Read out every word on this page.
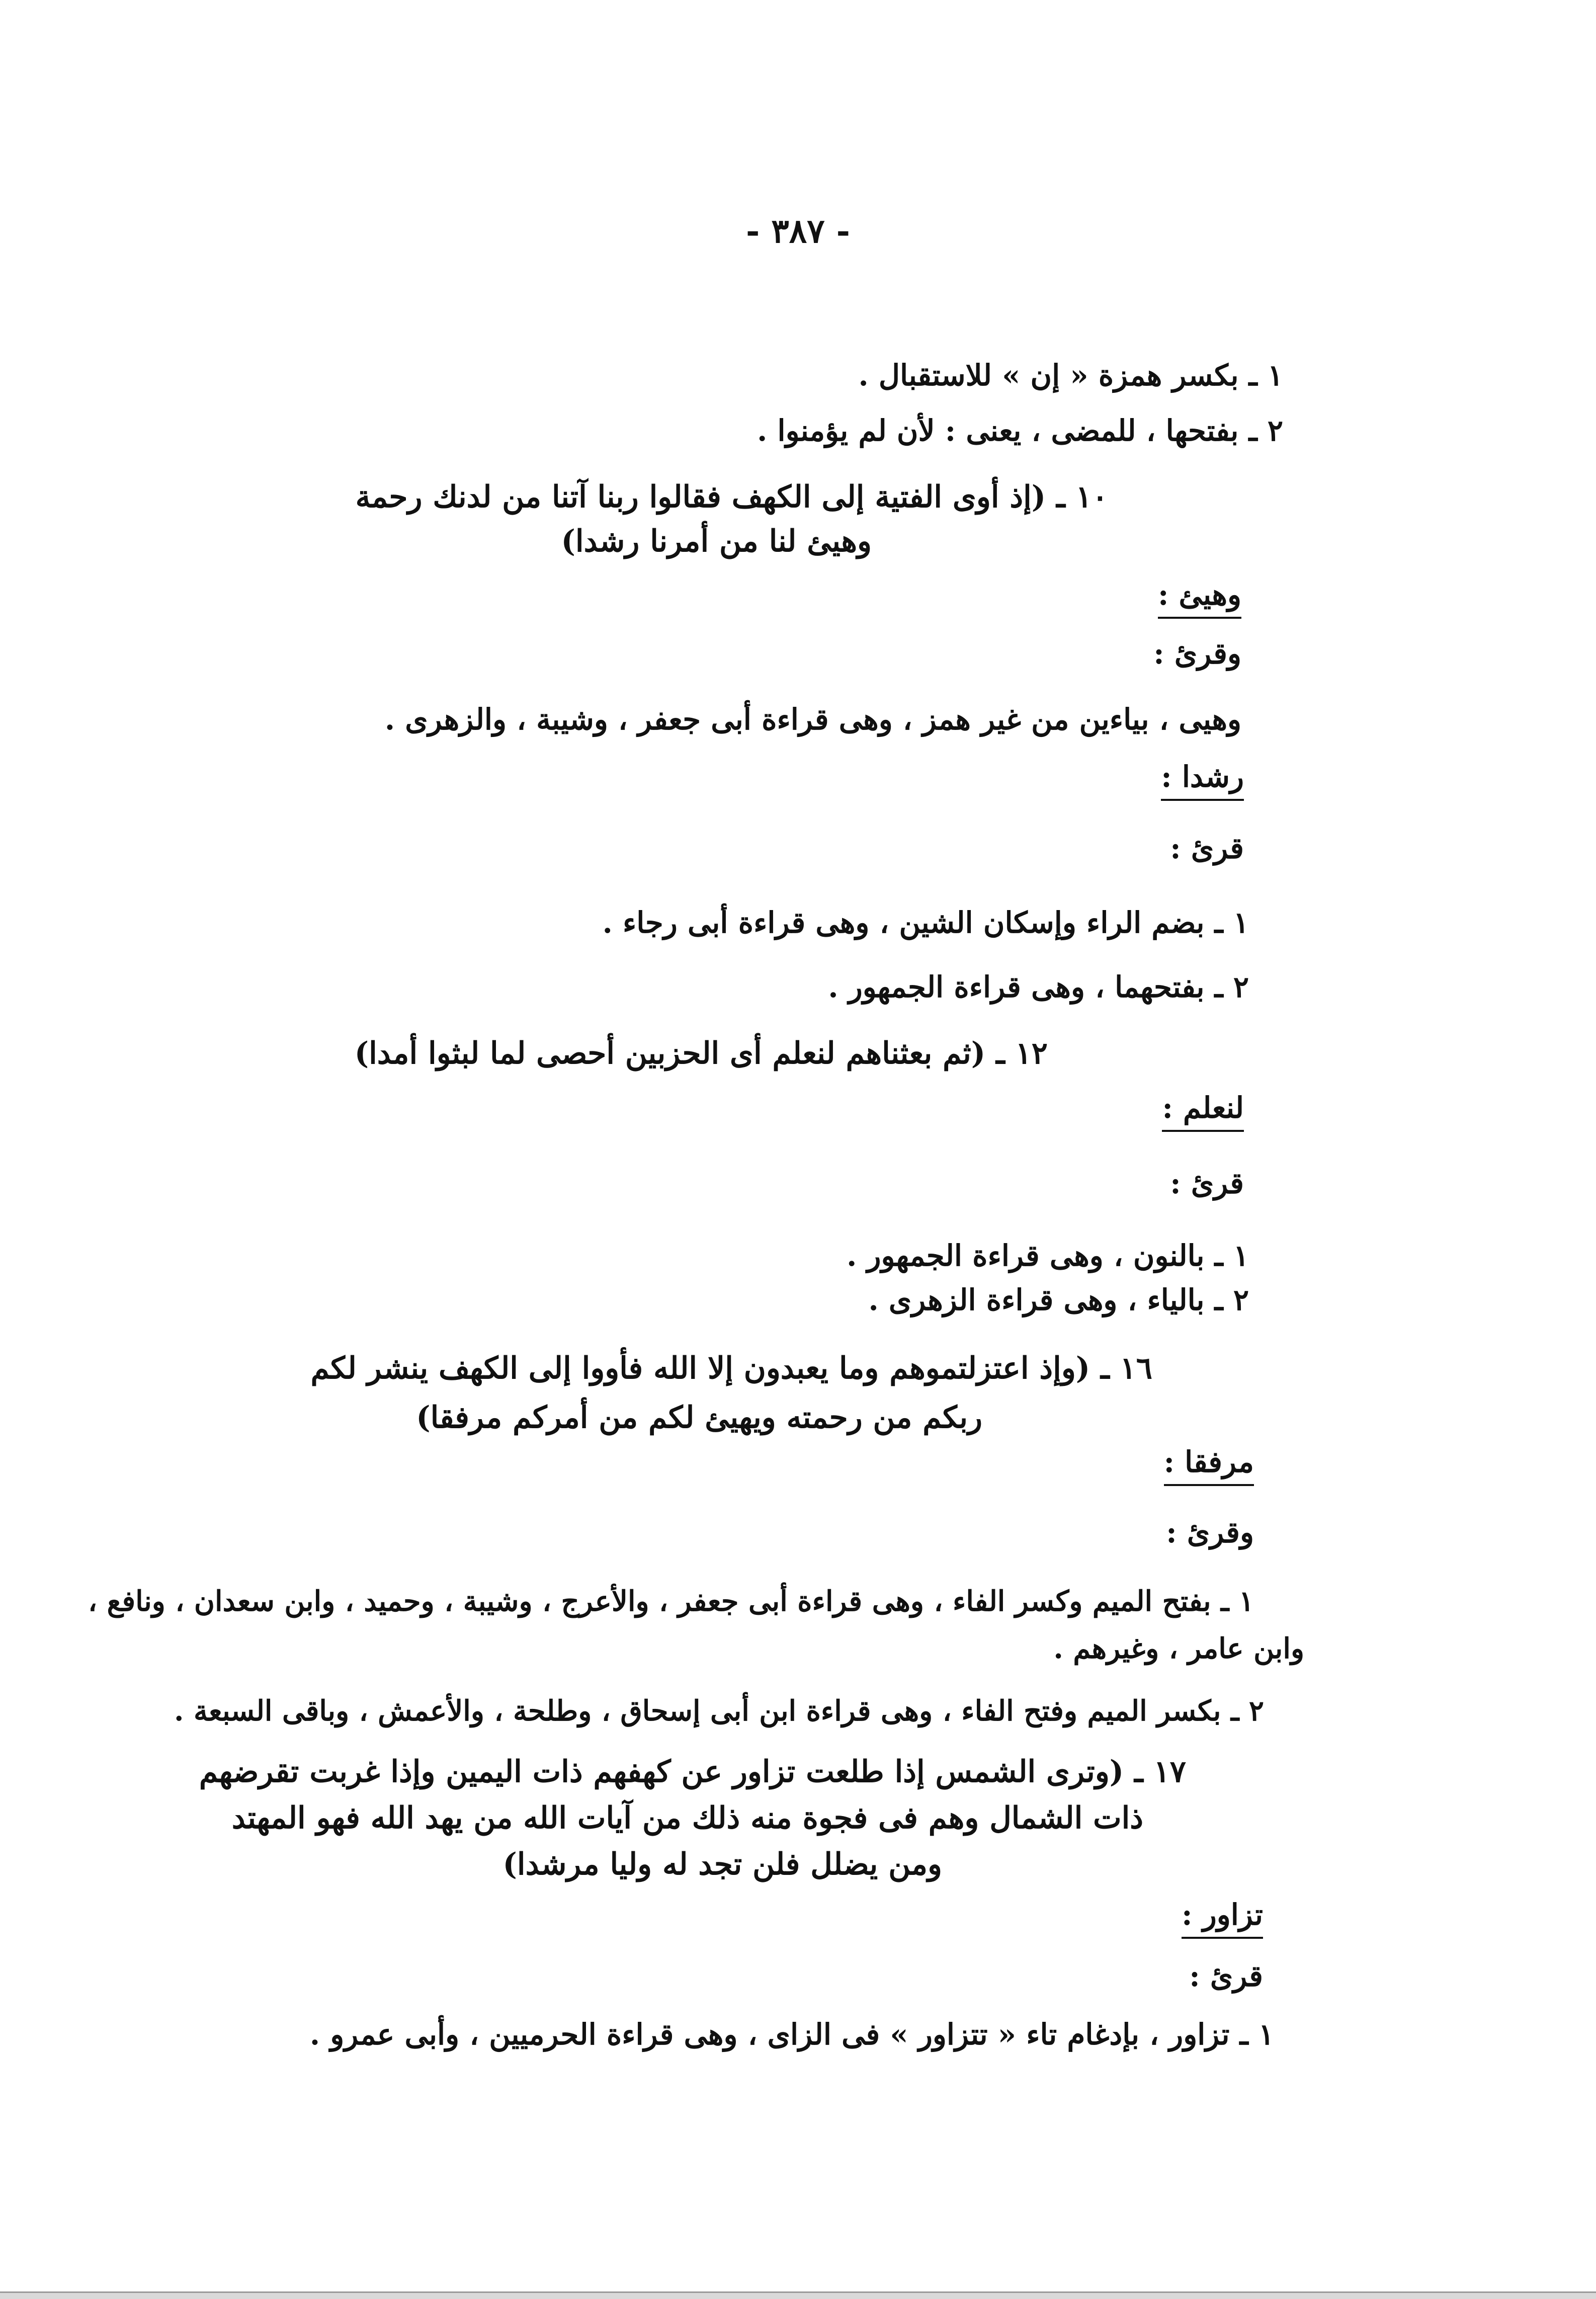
- ٣٨٧ -
١ ـ بكسر همزة « إن » للاستقبال .
٢ ـ بفتحها ، للمضى ، يعنى : لأن لم يؤمنوا .
١٠ ـ (إذ أوى الفتية إلى الكهف فقالوا ربنا آتنا من لدنك رحمة
وهيئ لنا من أمرنا رشدا)
وهيئ :
وقرئ :
وهيى ، بياءين من غير همز ، وهى قراءة أبى جعفر ، وشيبة ، والزهرى .
رشدا :
قرئ :
١ ـ بضم الراء وإسكان الشين ، وهى قراءة أبى رجاء .
٢ ـ بفتحهما ، وهى قراءة الجمهور .
١٢ ـ (ثم بعثناهم لنعلم أى الحزبين أحصى لما لبثوا أمدا)
لنعلم :
قرئ :
١ ـ بالنون ، وهى قراءة الجمهور .
٢ ـ بالياء ، وهى قراءة الزهرى .
١٦ ـ (وإذ اعتزلتموهم وما يعبدون إلا الله فأووا إلى الكهف ينشر لكم
ربكم من رحمته ويهيئ لكم من أمركم مرفقا)
مرفقا :
وقرئ :
١ ـ بفتح الميم وكسر الفاء ، وهى قراءة أبى جعفر ، والأعرج ، وشيبة ، وحميد ، وابن سعدان ، ونافع ،
وابن عامر ، وغيرهم .
٢ ـ بكسر الميم وفتح الفاء ، وهى قراءة ابن أبى إسحاق ، وطلحة ، والأعمش ، وباقى السبعة .
١٧ ـ (وترى الشمس إذا طلعت تزاور عن كهفهم ذات اليمين وإذا غربت تقرضهم
ذات الشمال وهم فى فجوة منه ذلك من آيات الله من يهد الله فهو المهتد
ومن يضلل فلن تجد له وليا مرشدا)
تزاور :
قرئ :
١ ـ تزاور ، بإدغام تاء « تتزاور » فى الزاى ، وهى قراءة الحرميين ، وأبى عمرو .
